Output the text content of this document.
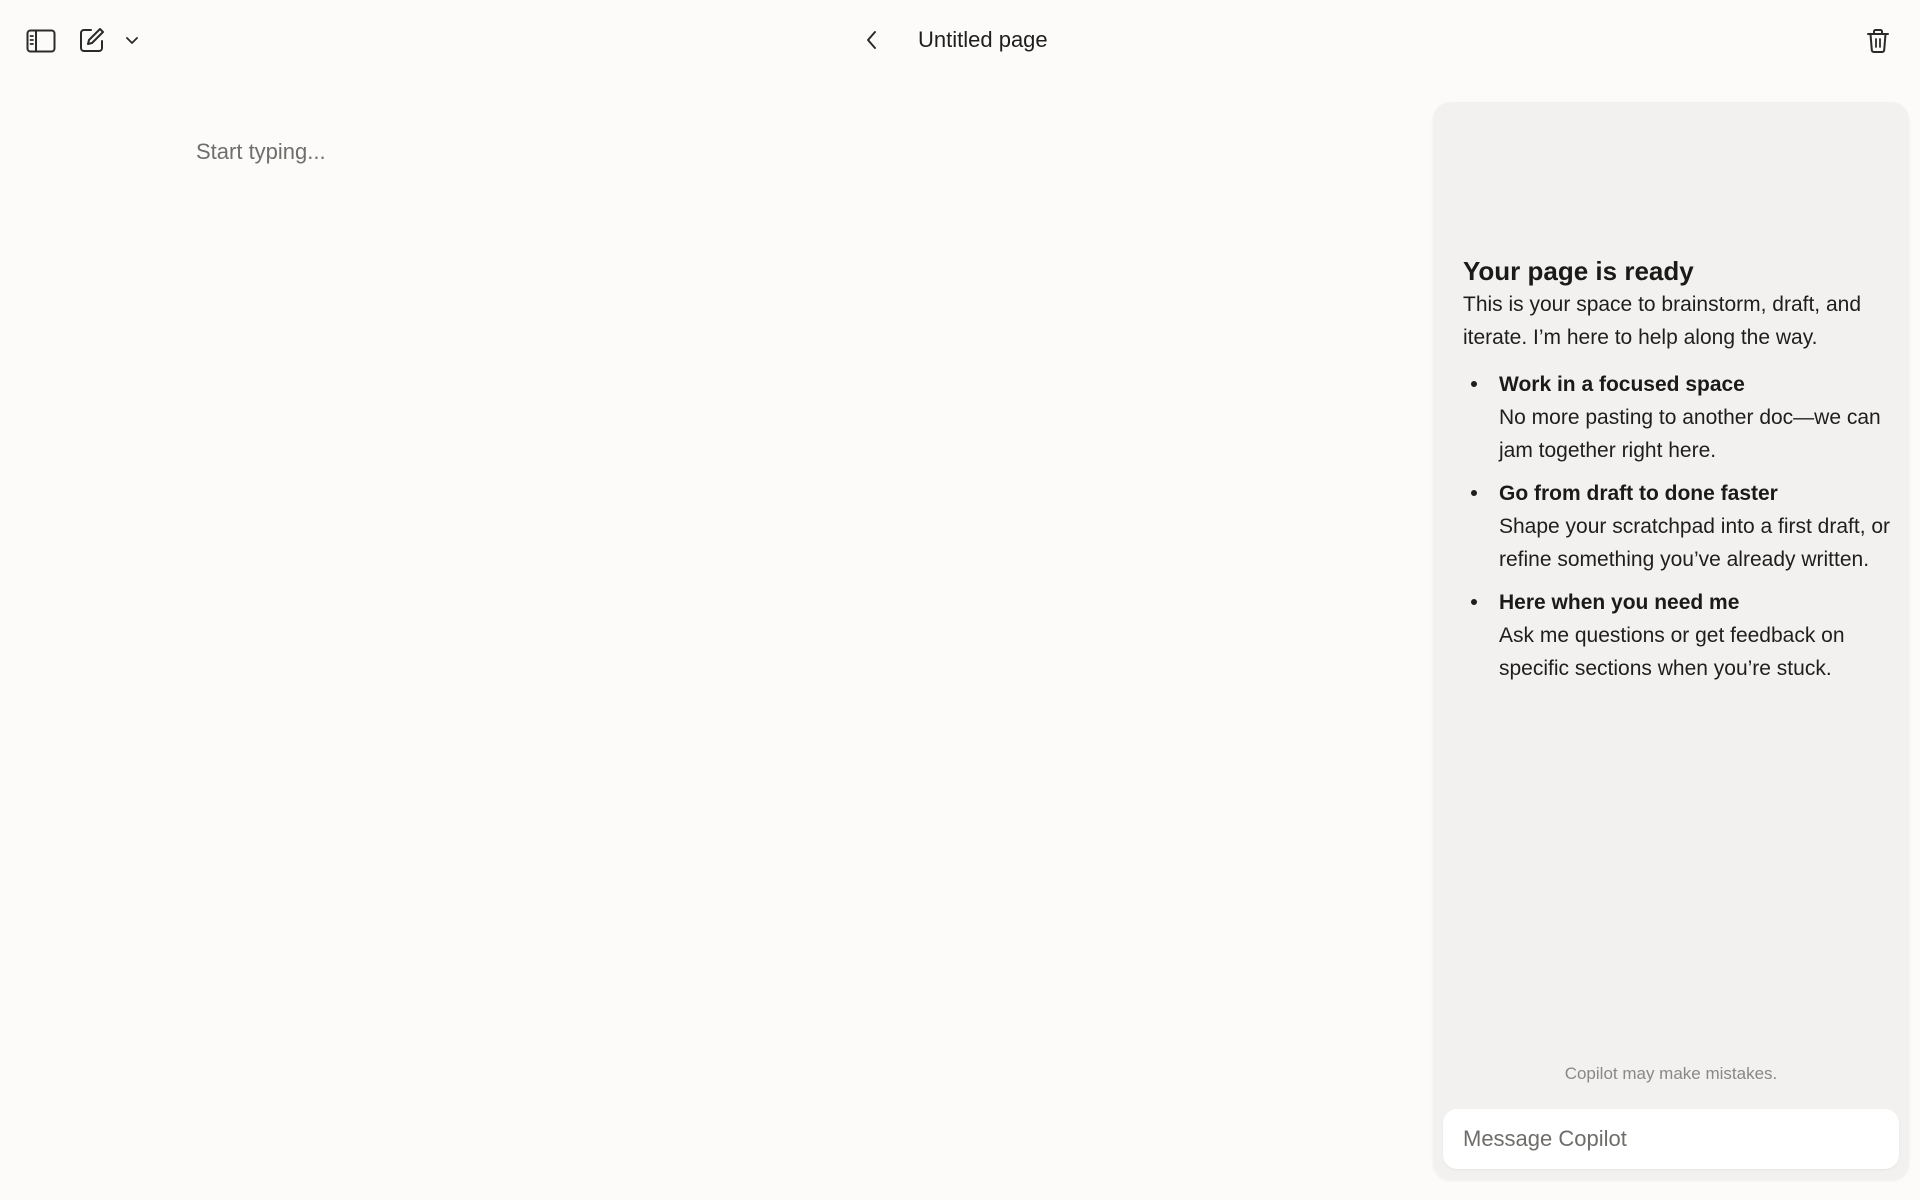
Untitled page
Start typing...
Your page is ready

This is your space to brainstorm, draft, and iterate. I’m here to help along the way.

Work in a focused space
No more pasting to another doc—we can jam together right here.
Go from draft to done faster
Shape your scratchpad into a first draft, or refine something you’ve already written.
Here when you need me
Ask me questions or get feedback on specific sections when you’re stuck.
Copilot may make mistakes.
Message Copilot
